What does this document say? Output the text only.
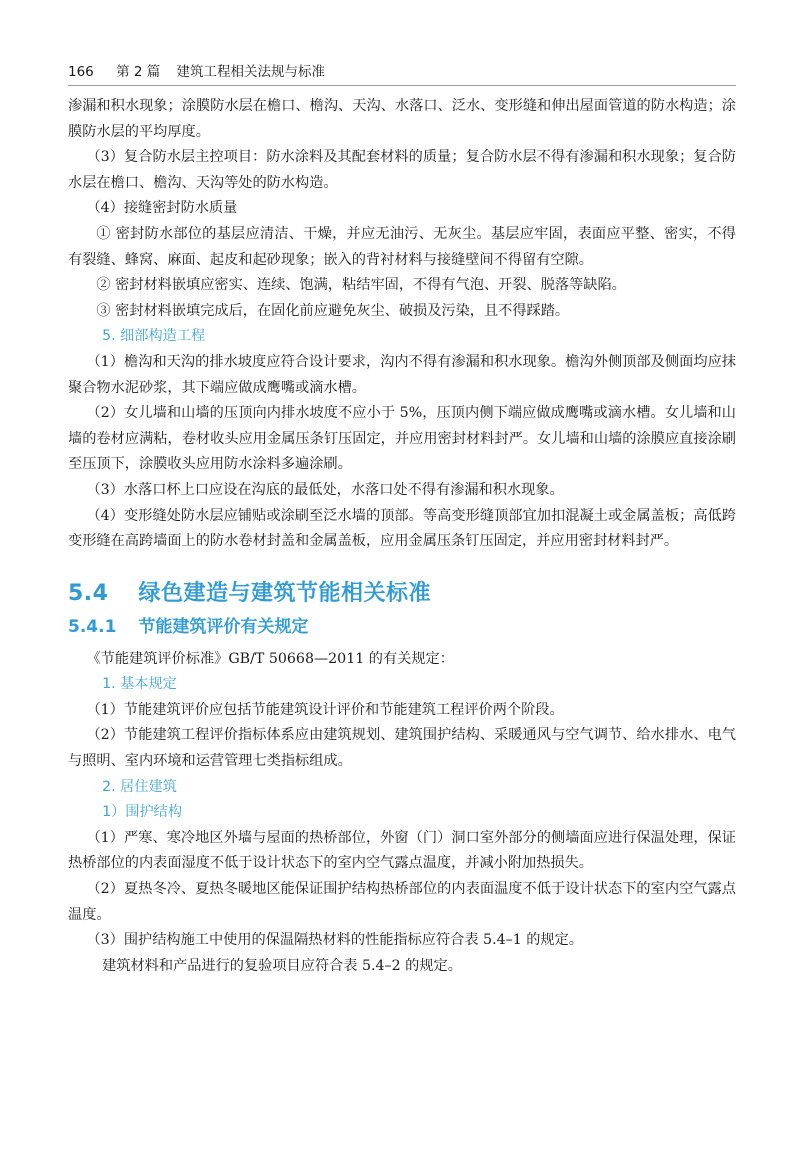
166 第 2 篇 建筑工程相关法规与标准

渗漏和积水现象；涂膜防水层在檐口、檐沟、天沟、水落口、泛水、变形缝和伸出屋面管道的防水构造；涂膜防水层的平均厚度。

（3）复合防水层主控项目：防水涂料及其配套材料的质量；复合防水层不得有渗漏和积水现象；复合防水层在檐口、檐沟、天沟等处的防水构造。

（4）接缝密封防水质量

① 密封防水部位的基层应清洁、干燥，并应无油污、无灰尘。基层应牢固，表面应平整、密实，不得有裂缝、蜂窝、麻面、起皮和起砂现象；嵌入的背衬材料与接缝壁间不得留有空隙。

② 密封材料嵌填应密实、连续、饱满，粘结牢固，不得有气泡、开裂、脱落等缺陷。

③ 密封材料嵌填完成后，在固化前应避免灰尘、破损及污染，且不得踩踏。

5. 细部构造工程

（1）檐沟和天沟的排水坡度应符合设计要求，沟内不得有渗漏和积水现象。檐沟外侧顶部及侧面均应抹聚合物水泥砂浆，其下端应做成鹰嘴或滴水槽。

（2）女儿墙和山墙的压顶向内排水坡度不应小于 5%，压顶内侧下端应做成鹰嘴或滴水槽。女儿墙和山墙的卷材应满粘，卷材收头应用金属压条钉压固定，并应用密封材料封严。女儿墙和山墙的涂膜应直接涂刷至压顶下，涂膜收头应用防水涂料多遍涂刷。

（3）水落口杯上口应设在沟底的最低处，水落口处不得有渗漏和积水现象。

（4）变形缝处防水层应铺贴或涂刷至泛水墙的顶部。等高变形缝顶部宜加扣混凝土或金属盖板；高低跨变形缝在高跨墙面上的防水卷材封盖和金属盖板，应用金属压条钉压固定，并应用密封材料封严。

5.4 绿色建造与建筑节能相关标准
5.4.1 节能建筑评价有关规定

《节能建筑评价标准》GB/T 50668—2011 的有关规定：

1. 基本规定

（1）节能建筑评价应包括节能建筑设计评价和节能建筑工程评价两个阶段。

（2）节能建筑工程评价指标体系应由建筑规划、建筑围护结构、采暖通风与空气调节、给水排水、电气与照明、室内环境和运营管理七类指标组成。

2. 居住建筑

1）围护结构

（1）严寒、寒冷地区外墙与屋面的热桥部位，外窗（门）洞口室外部分的侧墙面应进行保温处理，保证热桥部位的内表面湿度不低于设计状态下的室内空气露点温度，并减小附加热损失。

（2）夏热冬冷、夏热冬暖地区能保证围护结构热桥部位的内表面温度不低于设计状态下的室内空气露点温度。

（3）围护结构施工中使用的保温隔热材料的性能指标应符合表 5.4–1 的规定。

建筑材料和产品进行的复验项目应符合表 5.4–2 的规定。
